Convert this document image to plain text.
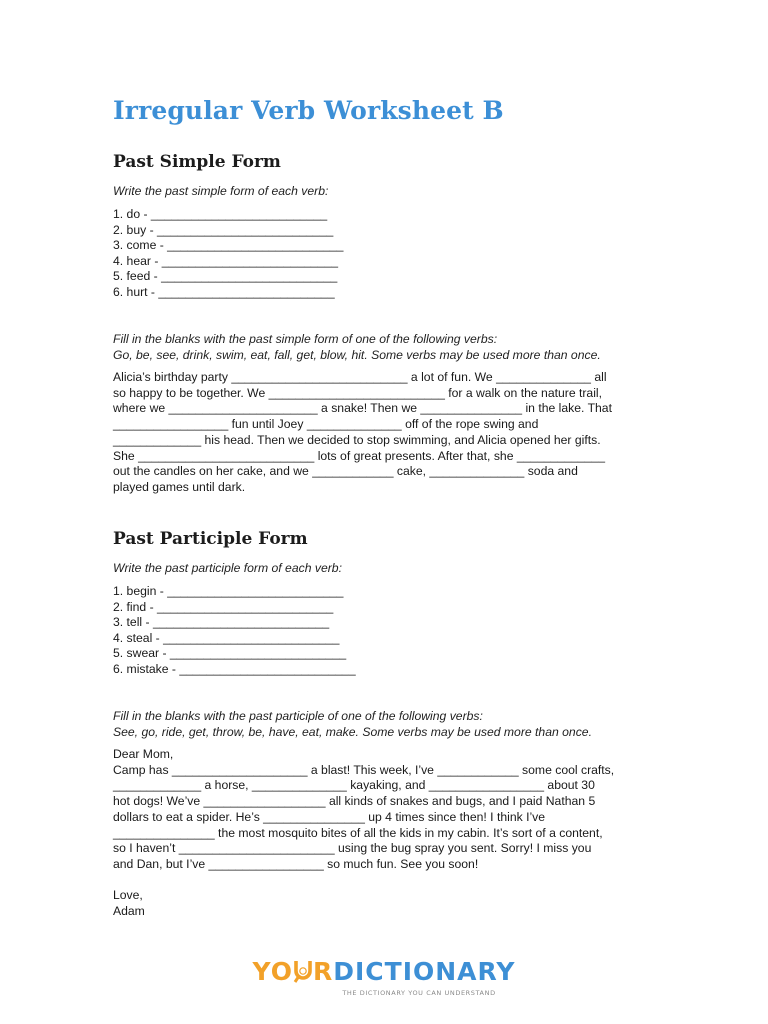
Irregular Verb Worksheet B
Past Simple Form
Write the past simple form of each verb:
1. do - __________________________
2. buy - __________________________
3. come - __________________________
4. hear - __________________________
5. feed - __________________________
6. hurt - __________________________
Fill in the blanks with the past simple form of one of the following verbs:
Go, be, see, drink, swim, eat, fall, get, blow, hit. Some verbs may be used more than once.
Alicia’s birthday party __________________________ a lot of fun. We ______________ all
so happy to be together. We __________________________ for a walk on the nature trail,
where we ______________________ a snake! Then we _______________ in the lake. That
_________________ fun until Joey ______________ off of the rope swing and
_____________ his head. Then we decided to stop swimming, and Alicia opened her gifts.
She __________________________ lots of great presents. After that, she _____________
out the candles on her cake, and we ____________ cake, ______________ soda and
played games until dark.
Past Participle Form
Write the past participle form of each verb:
1. begin - __________________________
2. find - __________________________
3. tell - __________________________
4. steal - __________________________
5. swear - __________________________
6. mistake - __________________________
Fill in the blanks with the past participle of one of the following verbs:
See, go, ride, get, throw, be, have, eat, make. Some verbs may be used more than once.
Dear Mom,
Camp has ____________________ a blast! This week, I’ve ____________ some cool crafts,
_____________ a horse, ______________ kayaking, and _________________ about 30
hot dogs! We’ve __________________ all kinds of snakes and bugs, and I paid Nathan 5
dollars to eat a spider. He’s _______________ up 4 times since then! I think I’ve
_______________ the most mosquito bites of all the kids in my cabin. It’s sort of a content,
so I haven’t _______________________ using the bug spray you sent. Sorry! I miss you
and Dan, but I’ve _________________ so much fun. See you soon!
Love,
Adam
YO RDICTIONARY
THE DICTIONARY YOU CAN UNDERSTAND
